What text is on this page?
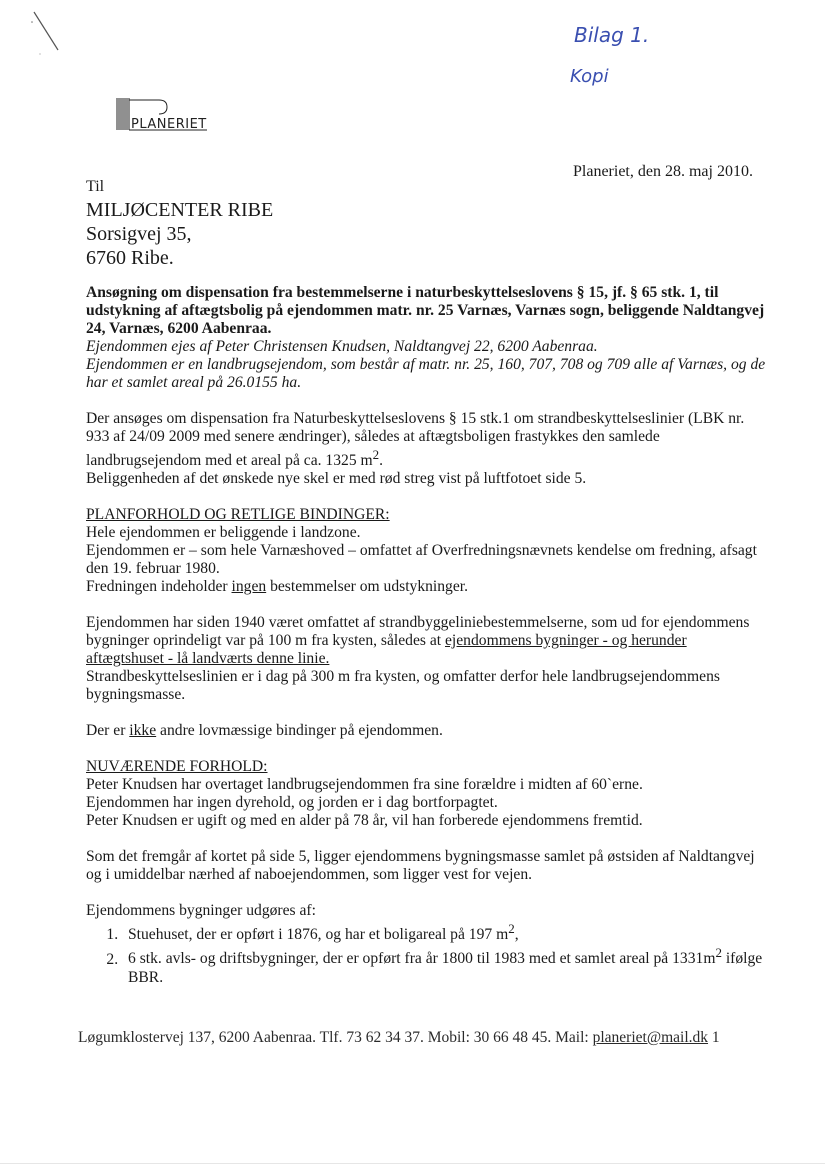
Bilag 1.
Kopi
PLANERIET
Planeriet, den 28. maj 2010.
Til
MILJØCENTER RIBE
Sorsigvej 35,
6760 Ribe.

Ansøgning om dispensation fra bestemmelserne i naturbeskyttelseslovens § 15, jf. § 65 stk. 1, til udstykning af aftægtsbolig på ejendommen matr. nr. 25 Varnæs, Varnæs sogn, beliggende Naldtangvej 24, Varnæs, 6200 Aabenraa.

Ejendommen ejes af Peter Christensen Knudsen, Naldtangvej 22, 6200 Aabenraa.

Ejendommen er en landbrugsejendom, som består af matr. nr. 25, 160, 707, 708 og 709 alle af Varnæs, og de har et samlet areal på 26.0155 ha.

Der ansøges om dispensation fra Naturbeskyttelseslovens § 15 stk.1 om strandbeskyttelseslinier (LBK nr. 933 af 24/09 2009 med senere ændringer), således at aftægtsboligen frastykkes den samlede landbrugsejendom med et areal på ca. 1325 $m^2$.

Beliggenheden af det ønskede nye skel er med rød streg vist på luftfotoet side 5.

PLANFORHOLD OG RETLIGE BINDINGER:

Hele ejendommen er beliggende i landzone.

Ejendommen er – som hele Varnæshoved – omfattet af Overfredningsnævnets kendelse om fredning, afsagt den 19. februar 1980.

Fredningen indeholder ingen bestemmelser om udstykninger.

Ejendommen har siden 1940 været omfattet af strandbyggeliniebestemmelserne, som ud for ejendommens bygninger oprindeligt var på 100 m fra kysten, således at ejendommens bygninger - og herunder aftægtshuset - lå landværts denne linie.

Strandbeskyttelseslinien er i dag på 300 m fra kysten, og omfatter derfor hele landbrugsejendommens bygningsmasse.

Der er ikke andre lovmæssige bindinger på ejendommen.

NUVÆRENDE FORHOLD:

Peter Knudsen har overtaget landbrugsejendommen fra sine forældre i midten af 60`erne.

Ejendommen har ingen dyrehold, og jorden er i dag bortforpagtet.

Peter Knudsen er ugift og med en alder på 78 år, vil han forberede ejendommens fremtid.

Som det fremgår af kortet på side 5, ligger ejendommens bygningsmasse samlet på østsiden af Naldtangvej og i umiddelbar nærhed af naboejendommen, som ligger vest for vejen.

Ejendommens bygninger udgøres af:

1. Stuehuset, der er opført i 1876, og har et boligareal på 197 $m^2$,
2. 6 stk. avls- og driftsbygninger, der er opført fra år 1800 til 1983 med et samlet areal på $1331m^2$ ifølge BBR.
Løgumklostervej 137, 6200 Aabenraa. Tlf. 73 62 34 37. Mobil: 30 66 48 45. Mail: planeriet@mail.dk 1
